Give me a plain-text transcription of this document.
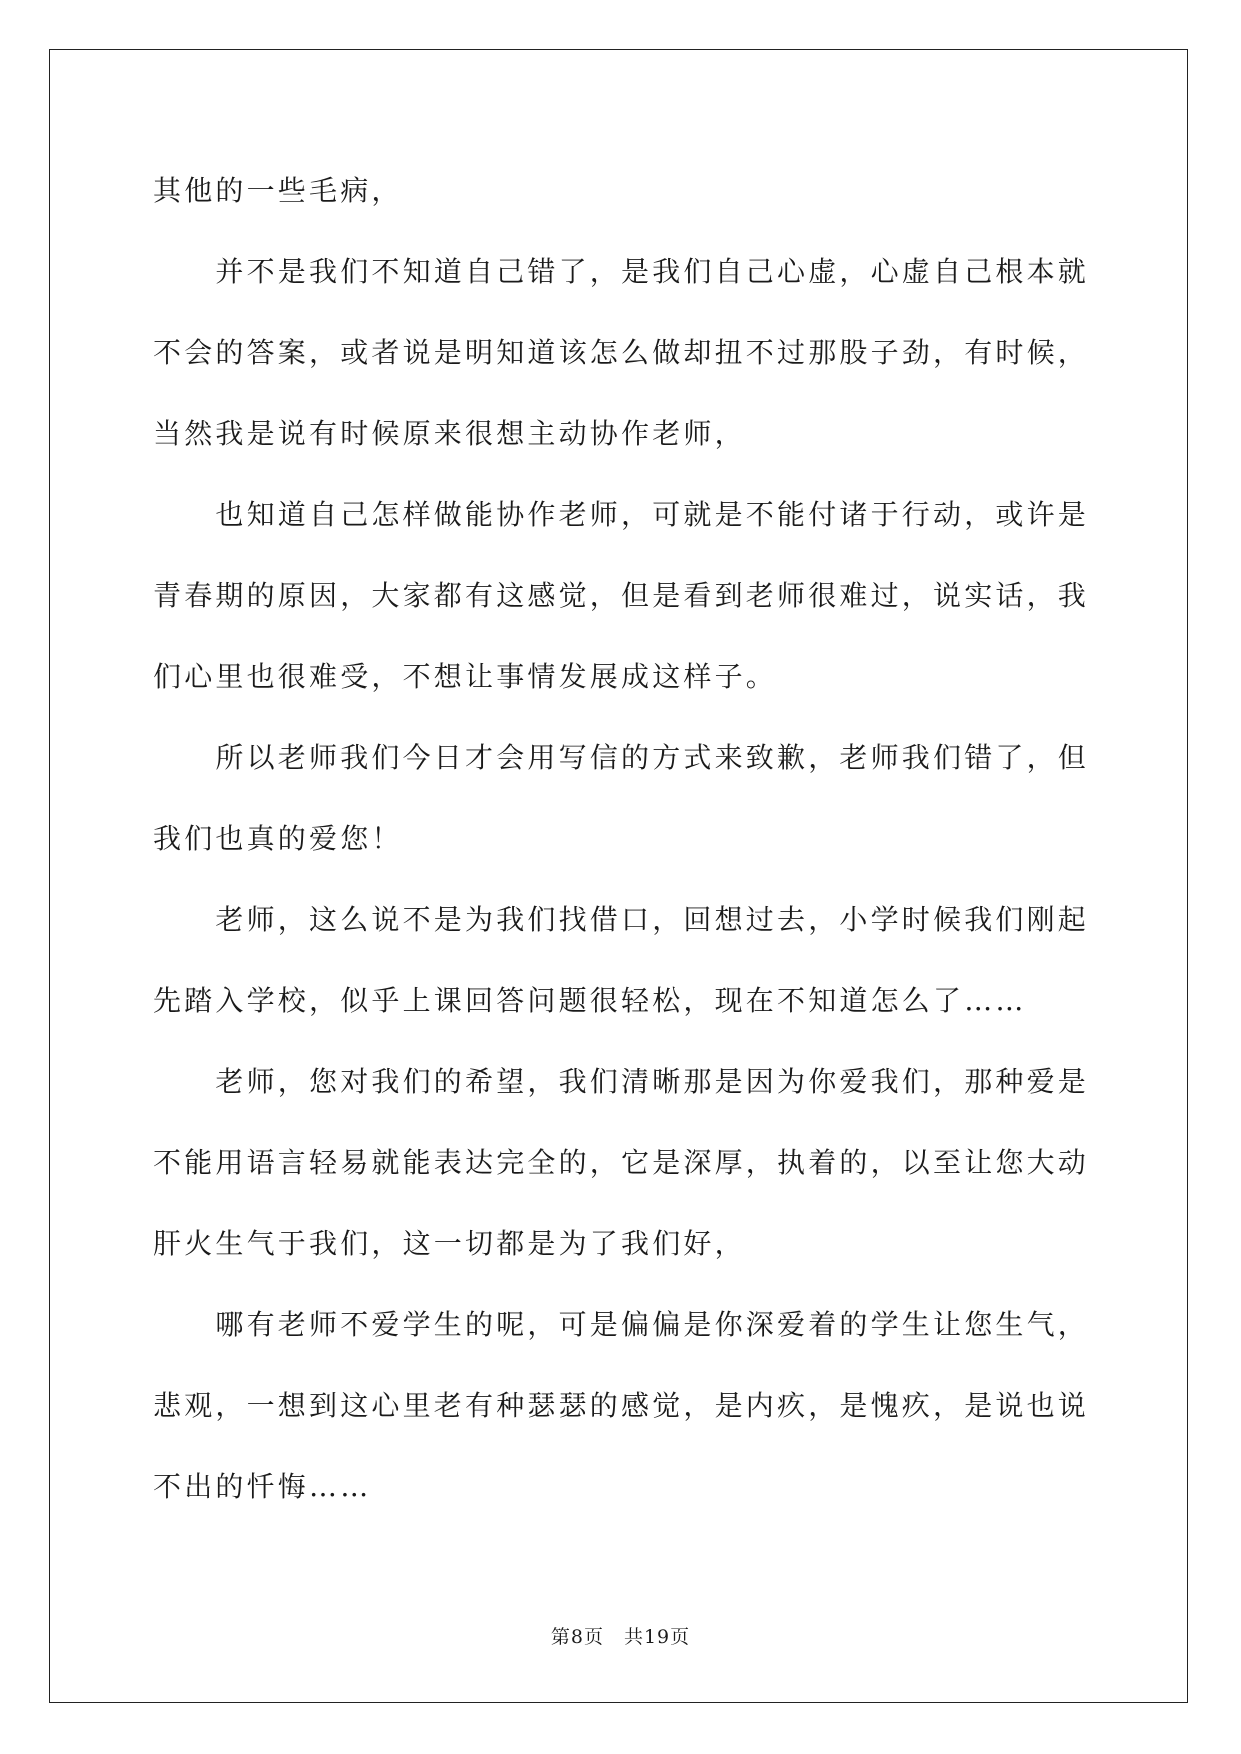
其他的一些毛病，
并不是我们不知道自己错了，是我们自己心虚，心虚自己根本就
不会的答案，或者说是明知道该怎么做却扭不过那股子劲，有时候，
当然我是说有时候原来很想主动协作老师，
也知道自己怎样做能协作老师，可就是不能付诸于行动，或许是
青春期的原因，大家都有这感觉，但是看到老师很难过，说实话，我
们心里也很难受，不想让事情发展成这样子。
所以老师我们今日才会用写信的方式来致歉，老师我们错了，但
我们也真的爱您！
老师，这么说不是为我们找借口，回想过去，小学时候我们刚起
先踏入学校，似乎上课回答问题很轻松，现在不知道怎么了……
老师，您对我们的希望，我们清晰那是因为你爱我们，那种爱是
不能用语言轻易就能表达完全的，它是深厚，执着的，以至让您大动
肝火生气于我们，这一切都是为了我们好，
哪有老师不爱学生的呢，可是偏偏是你深爱着的学生让您生气，
悲观，一想到这心里老有种瑟瑟的感觉，是内疚，是愧疚，是说也说
不出的忏悔……
第8页 共19页
